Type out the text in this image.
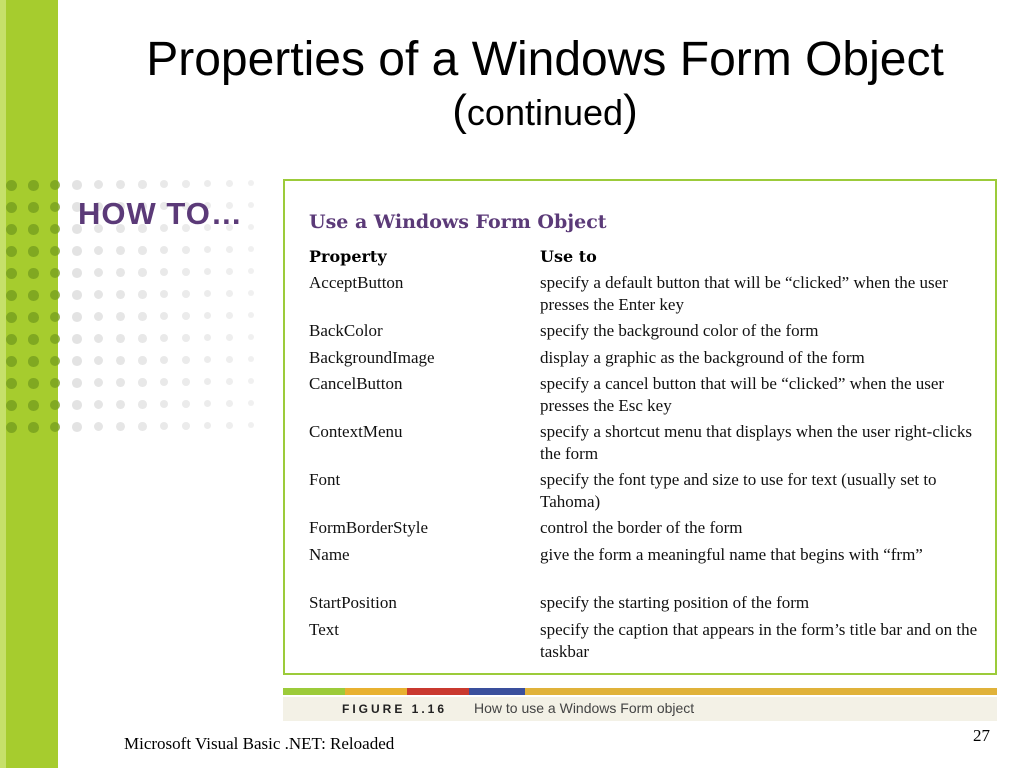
Properties of a Windows Form Object
(continued)
HOW TO…	Use a Windows Form Object
Property	Use to
AcceptButton	specify a default button that will be “clicked” when the user presses the Enter key
BackColor	specify the background color of the form
BackgroundImage	display a graphic as the background of the form
CancelButton	specify a cancel button that will be “clicked” when the user presses the Esc key
ContextMenu	specify a shortcut menu that displays when the user right-clicks the form
Font	specify the font type and size to use for text (usually set to Tahoma)
FormBorderStyle	control the border of the form
Name	give the form a meaningful name that begins with “frm”
StartPosition	specify the starting position of the form
Text	specify the caption that appears in the form’s title bar and on the taskbar
FIGURE 1.16 How to use a Windows Form object
Microsoft Visual Basic .NET: Reloaded	27
